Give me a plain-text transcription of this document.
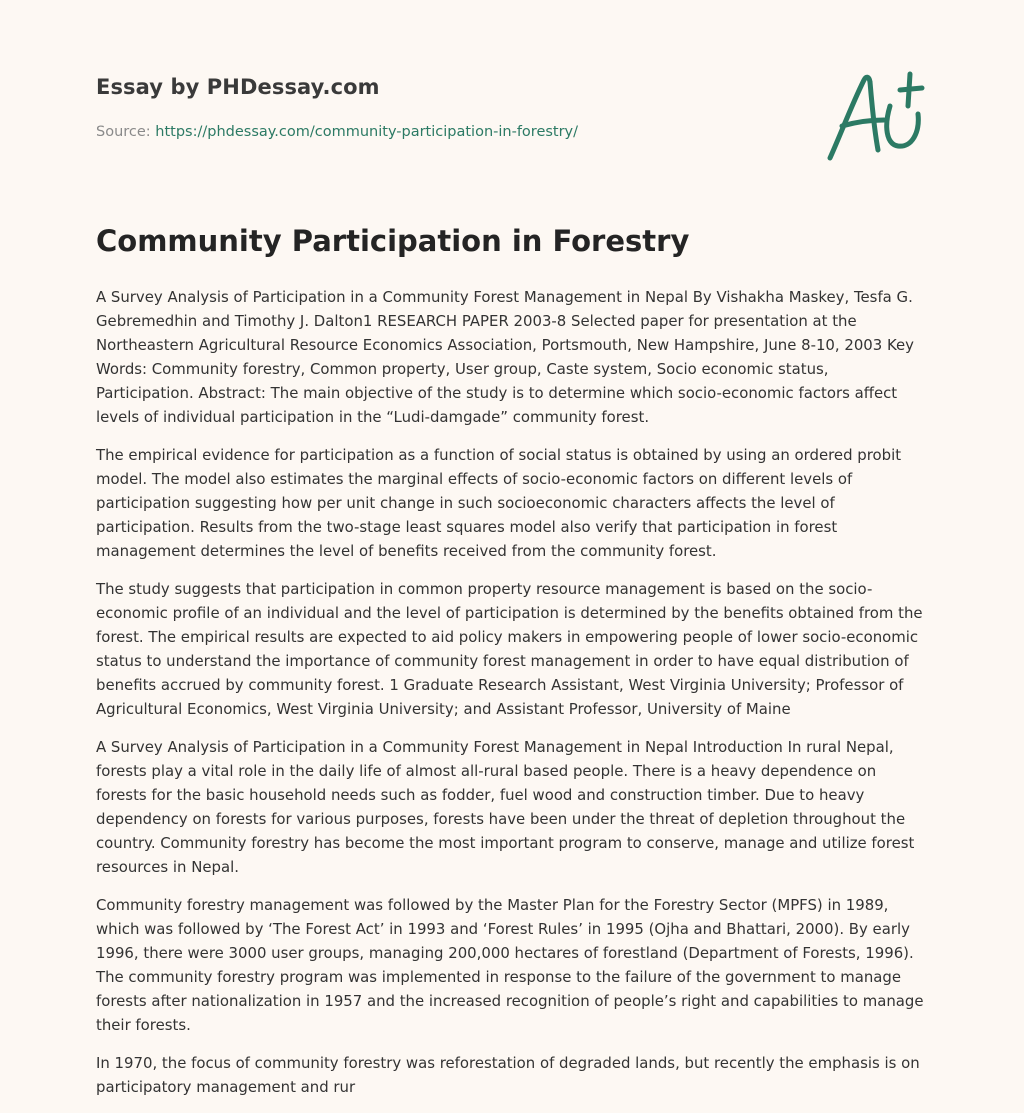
Essay by PHDessay.com
Source: https://phdessay.com/community-participation-in-forestry/
Community Participation in Forestry

A Survey Analysis of Participation in a Community Forest Management in Nepal By Vishakha Maskey, Tesfa G. Gebremedhin and Timothy J. Dalton1 RESEARCH PAPER 2003-8 Selected paper for presentation at the Northeastern Agricultural Resource Economics Association, Portsmouth, New Hampshire, June 8-10, 2003 Key Words: Community forestry, Common property, User group, Caste system, Socio economic status, Participation. Abstract: The main objective of the study is to determine which socio-economic factors affect levels of individual participation in the “Ludi-damgade” community forest.

The empirical evidence for participation as a function of social status is obtained by using an ordered probit model. The model also estimates the marginal effects of socio-economic factors on different levels of participation suggesting how per unit change in such socioeconomic characters affects the level of participation. Results from the two-stage least squares model also verify that participation in forest management determines the level of benefits received from the community forest.

The study suggests that participation in common property resource management is based on the socio-economic profile of an individual and the level of participation is determined by the benefits obtained from the forest. The empirical results are expected to aid policy makers in empowering people of lower socio-economic status to understand the importance of community forest management in order to have equal distribution of benefits accrued by community forest. 1 Graduate Research Assistant, West Virginia University; Professor of Agricultural Economics, West Virginia University; and Assistant Professor, University of Maine

A Survey Analysis of Participation in a Community Forest Management in Nepal Introduction In rural Nepal, forests play a vital role in the daily life of almost all-rural based people. There is a heavy dependence on forests for the basic household needs such as fodder, fuel wood and construction timber. Due to heavy dependency on forests for various purposes, forests have been under the threat of depletion throughout the country. Community forestry has become the most important program to conserve, manage and utilize forest resources in Nepal.

Community forestry management was followed by the Master Plan for the Forestry Sector (MPFS) in 1989, which was followed by ‘The Forest Act’ in 1993 and ‘Forest Rules’ in 1995 (Ojha and Bhattari, 2000). By early 1996, there were 3000 user groups, managing 200,000 hectares of forestland (Department of Forests, 1996). The community forestry program was implemented in response to the failure of the government to manage forests after nationalization in 1957 and the increased recognition of people’s right and capabilities to manage their forests.

In 1970, the focus of community forestry was reforestation of degraded lands, but recently the emphasis is on participatory management and rur
